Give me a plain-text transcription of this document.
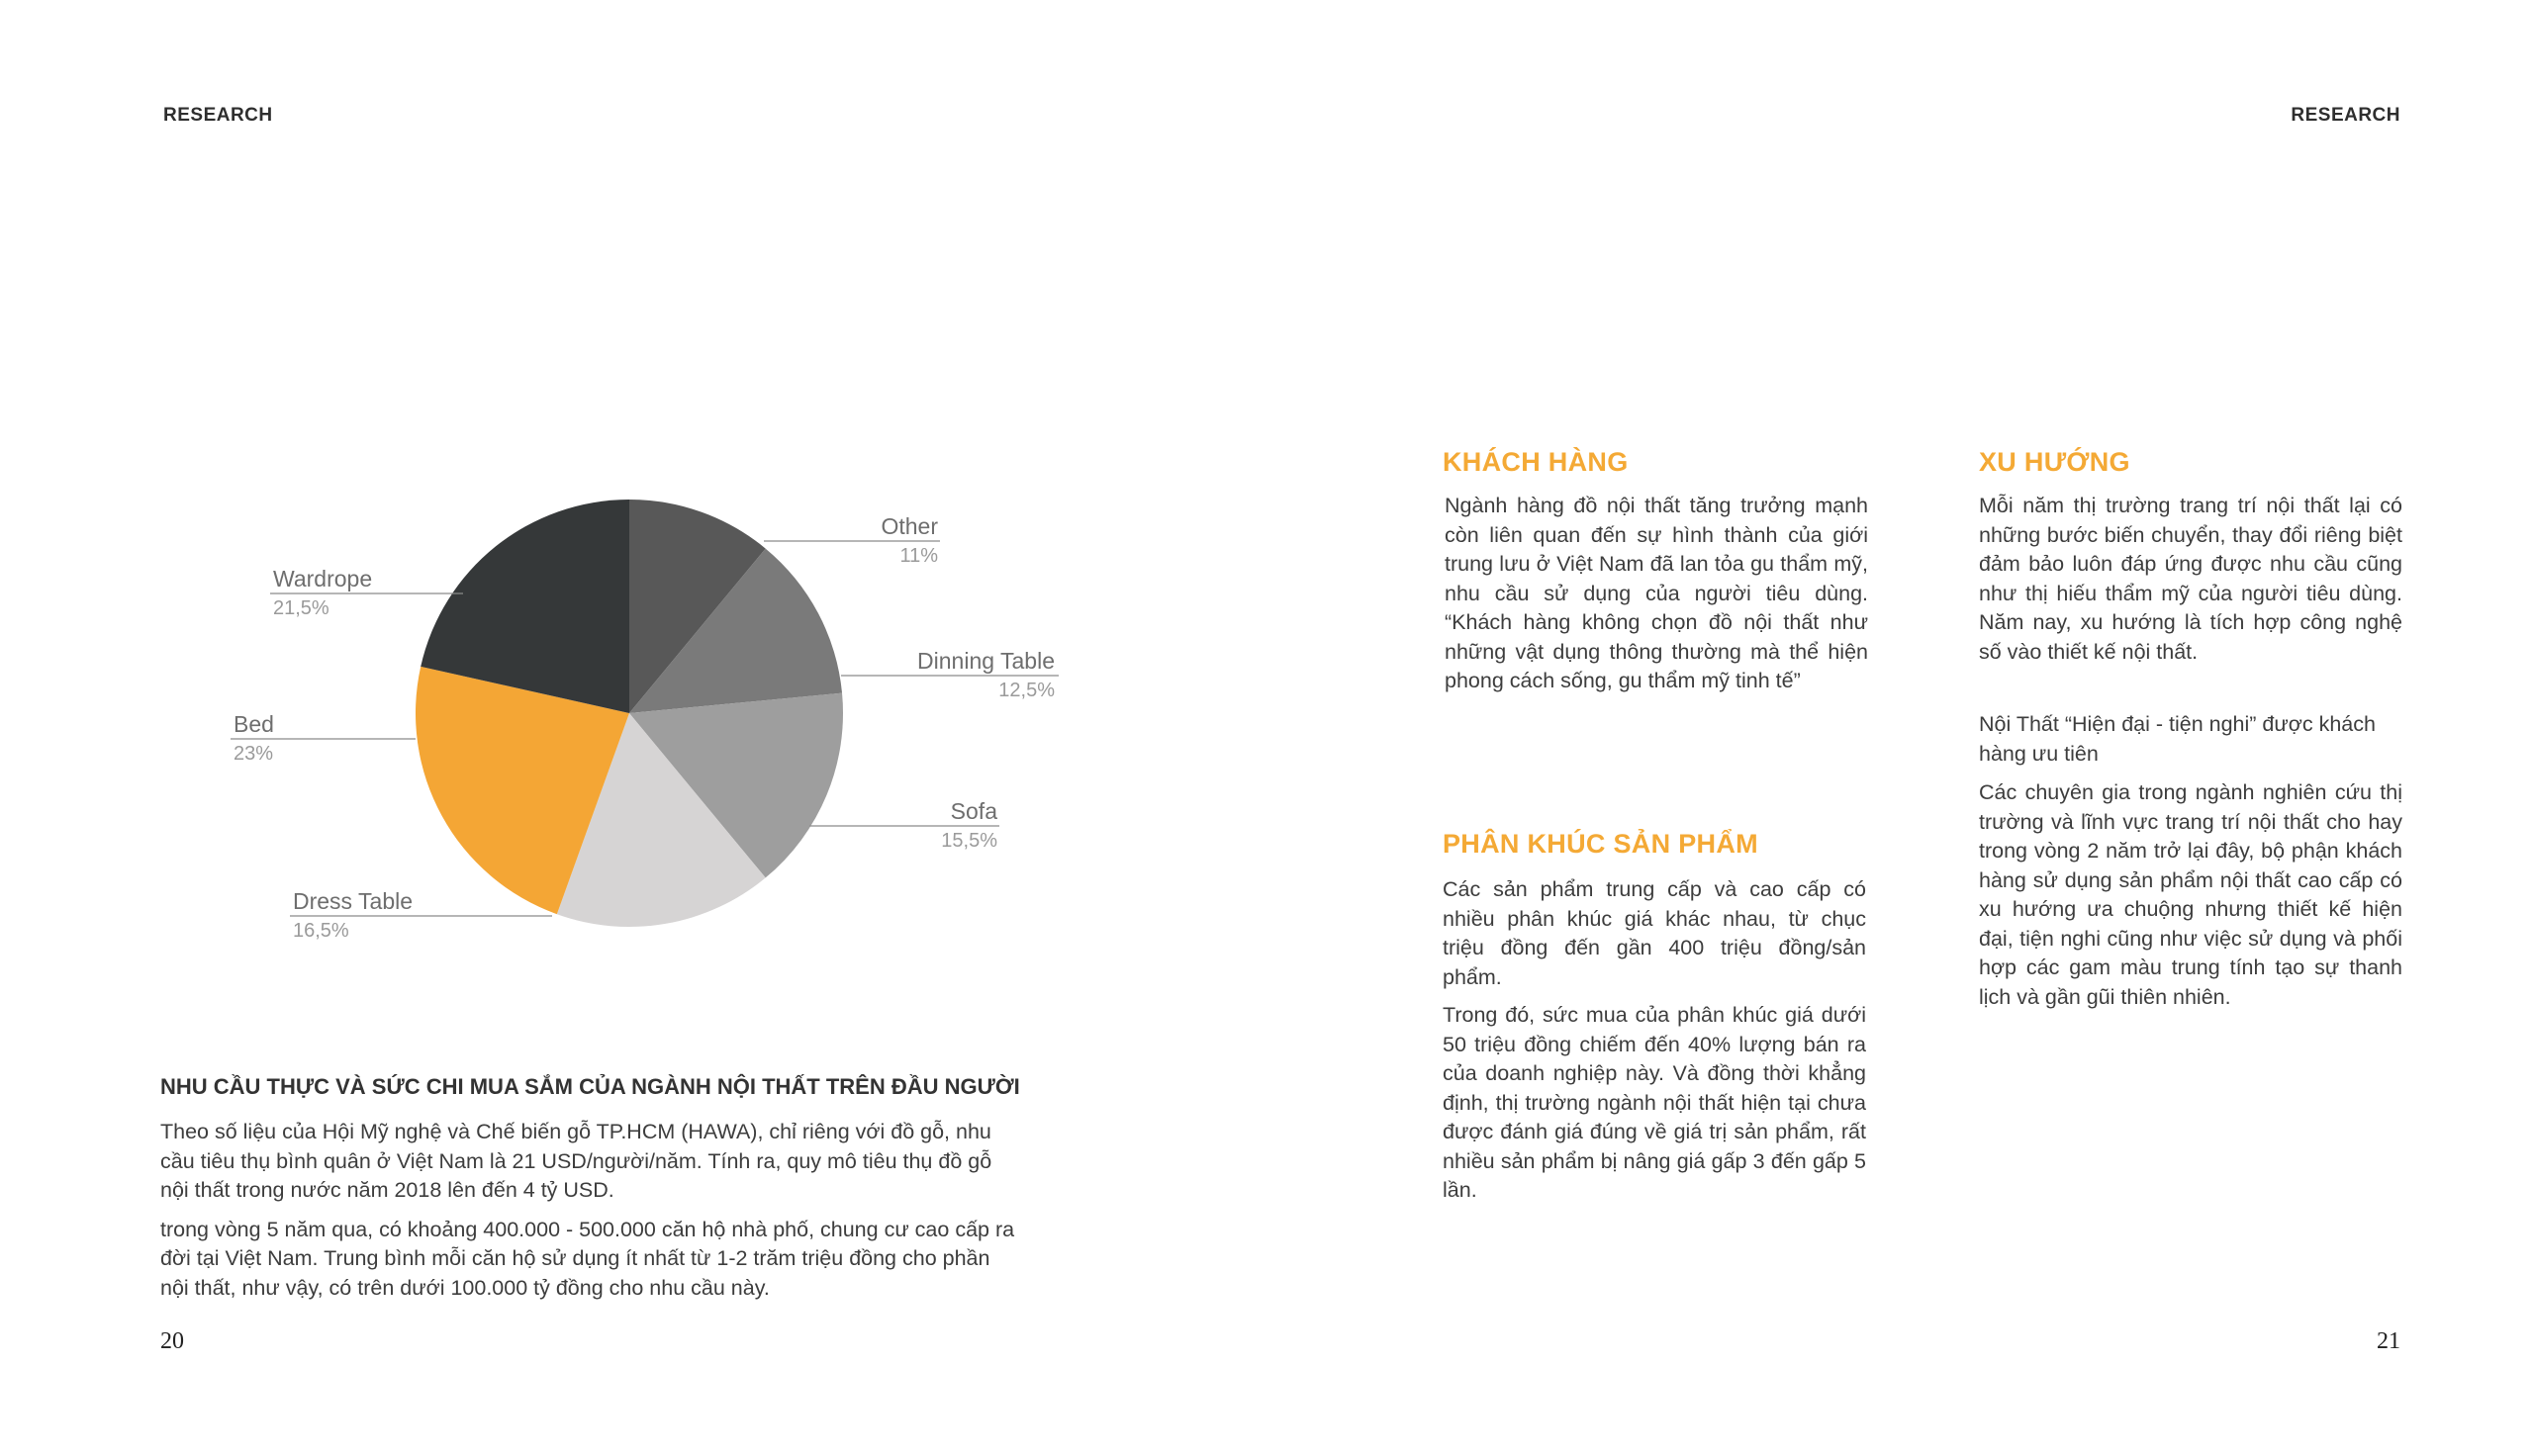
RESEARCH	RESEARCH
Other
11%
Dinning Table
12,5%
Sofa
15,5%
Dress Table
16,5%
Bed
23%
Wardrope
21,5%
NHU CẦU THỰC VÀ SỨC CHI MUA SẮM CỦA NGÀNH NỘI THẤT TRÊN ĐẦU NGƯỜI

Theo số liệu của Hội Mỹ nghệ và Chế biến gỗ TP.HCM (HAWA), chỉ riêng với đồ gỗ, nhu cầu tiêu thụ bình quân ở Việt Nam là 21 USD/người/năm. Tính ra, quy mô tiêu thụ đồ gỗ nội thất trong nước năm 2018 lên đến 4 tỷ USD.

trong vòng 5 năm qua, có khoảng 400.000 - 500.000 căn hộ nhà phố, chung cư cao cấp ra đời tại Việt Nam. Trung bình mỗi căn hộ sử dụng ít nhất từ 1-2 trăm triệu đồng cho phần nội thất, như vậy, có trên dưới 100.000 tỷ đồng cho nhu cầu này.

20
KHÁCH HÀNG

Ngành hàng đồ nội thất tăng trưởng mạnh còn liên quan đến sự hình thành của giới trung lưu ở Việt Nam đã lan tỏa gu thẩm mỹ, nhu cầu sử dụng của người tiêu dùng. “Khách hàng không chọn đồ nội thất như những vật dụng thông thường mà thể hiện phong cách sống, gu thẩm mỹ tinh tế”

PHÂN KHÚC SẢN PHẨM

Các sản phẩm trung cấp và cao cấp có nhiều phân khúc giá khác nhau, từ chục triệu đồng đến gần 400 triệu đồng/sản phẩm.

Trong đó, sức mua của phân khúc giá dưới 50 triệu đồng chiếm đến 40% lượng bán ra của doanh nghiệp này. Và đồng thời khẳng định, thị trường ngành nội thất hiện tại chưa được đánh giá đúng về giá trị sản phẩm, rất nhiều sản phẩm bị nâng giá gấp 3 đến gấp 5 lần.

XU HƯỚNG

Mỗi năm thị trường trang trí nội thất lại có những bước biến chuyển, thay đổi riêng biệt đảm bảo luôn đáp ứng được nhu cầu cũng như thị hiếu thẩm mỹ của người tiêu dùng. Năm nay, xu hướng là tích hợp công nghệ số vào thiết kế nội thất.

Nội Thất “Hiện đại - tiện nghi” được khách hàng ưu tiên

Các chuyên gia trong ngành nghiên cứu thị trường và lĩnh vực trang trí nội thất cho hay trong vòng 2 năm trở lại đây, bộ phận khách hàng sử dụng sản phẩm nội thất cao cấp có xu hướng ưa chuộng nhưng thiết kế hiện đại, tiện nghi cũng như việc sử dụng và phối hợp các gam màu trung tính tạo sự thanh lịch và gần gũi thiên nhiên.

21
